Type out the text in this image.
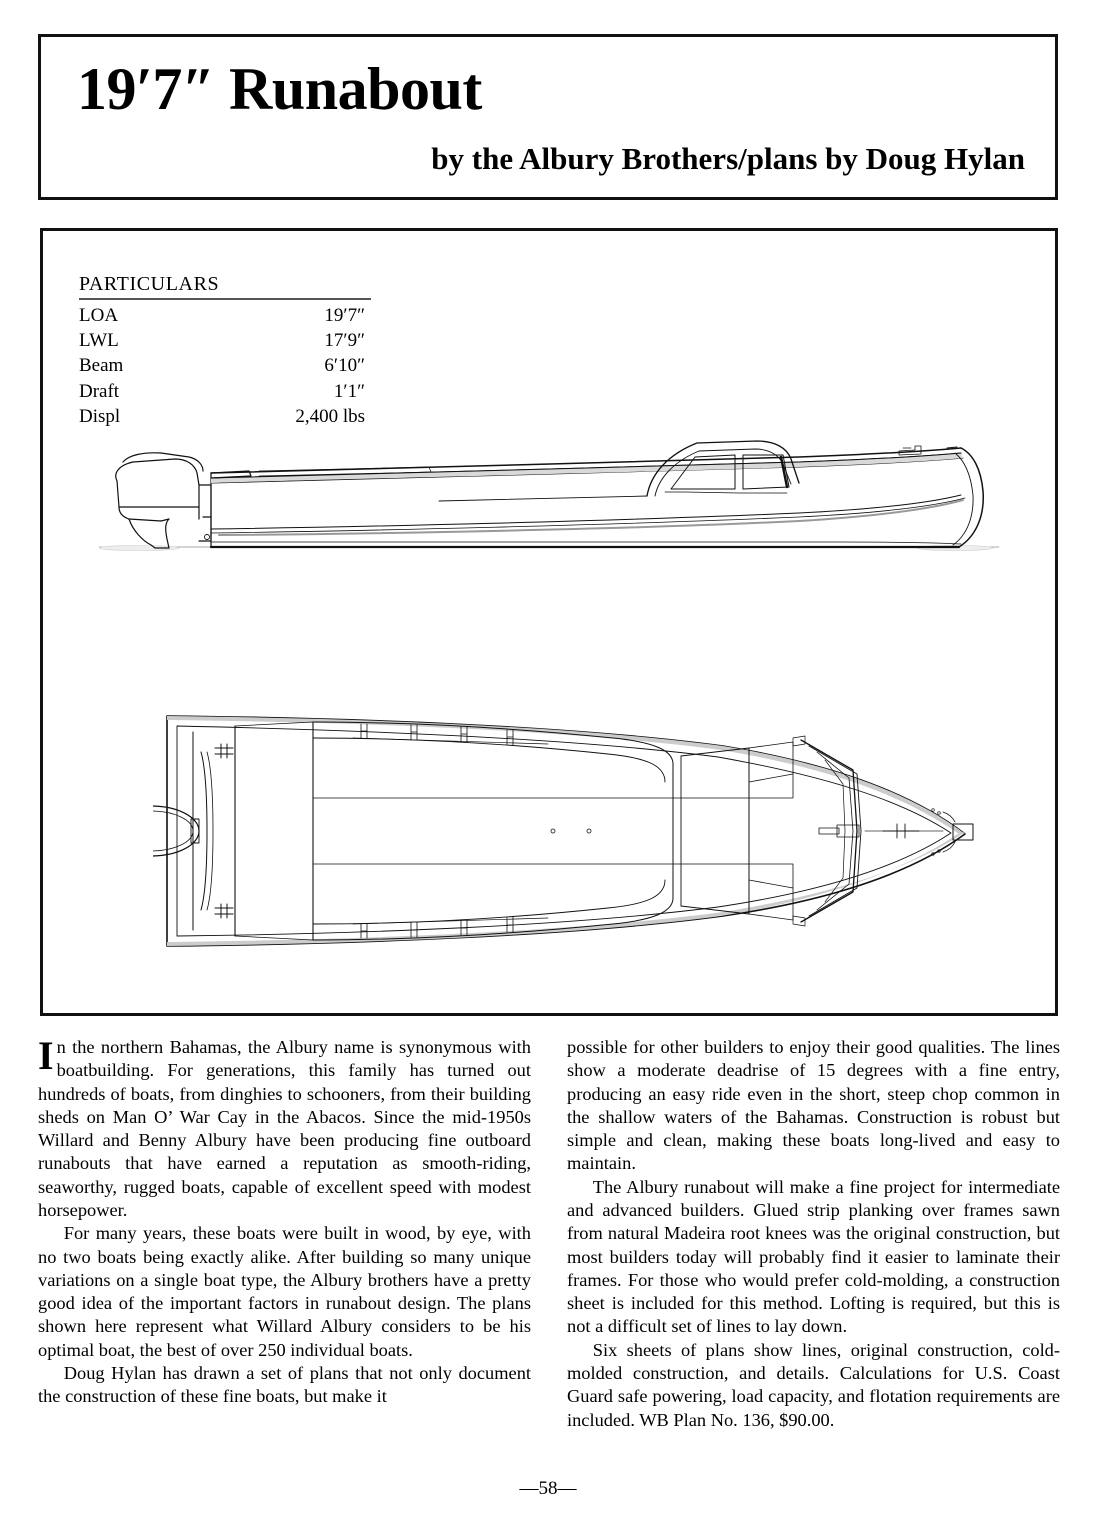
19′7″ Runabout
by the Albury Brothers/plans by Doug Hylan
PARTICULARS
LOA	19′7″
LWL	17′9″
Beam	6′10″
Draft	1′1″
Displ	2,400 lbs

In the northern Bahamas, the Albury name is synonymous with boatbuilding. For generations, this family has turned out hundreds of boats, from dinghies to schooners, from their building sheds on Man O’ War Cay in the Abacos. Since the mid-1950s Willard and Benny Albury have been producing fine outboard runabouts that have earned a reputation as smooth-riding, seaworthy, rugged boats, capable of excellent speed with modest horsepower.

For many years, these boats were built in wood, by eye, with no two boats being exactly alike. After building so many unique variations on a single boat type, the Albury brothers have a pretty good idea of the important factors in runabout design. The plans shown here represent what Willard Albury considers to be his optimal boat, the best of over 250 individual boats.

Doug Hylan has drawn a set of plans that not only document the construction of these fine boats, but make it

possible for other builders to enjoy their good qualities. The lines show a moderate deadrise of 15 degrees with a fine entry, producing an easy ride even in the short, steep chop common in the shallow waters of the Bahamas. Construction is robust but simple and clean, making these boats long-lived and easy to maintain.

The Albury runabout will make a fine project for intermediate and advanced builders. Glued strip planking over frames sawn from natural Madeira root knees was the original construction, but most builders today will probably find it easier to laminate their frames. For those who would prefer cold-molding, a construction sheet is included for this method. Lofting is required, but this is not a difficult set of lines to lay down.

Six sheets of plans show lines, original construction, cold-molded construction, and details. Calculations for U.S. Coast Guard safe powering, load capacity, and flotation requirements are included. WB Plan No. 136, $90.00.

—58—
